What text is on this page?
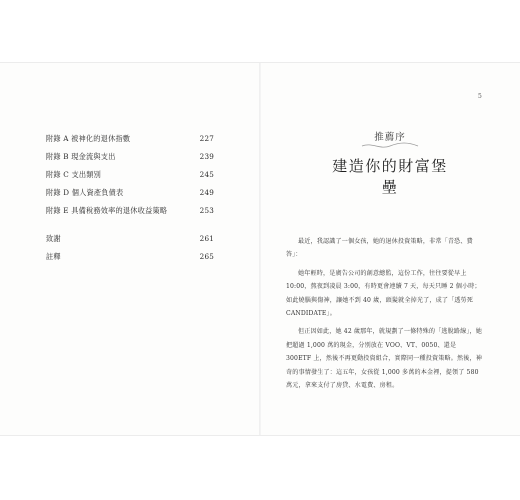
附錄 A 被神化的退休指數	227
附錄 B 現金流與支出	239
附錄 C 支出類別	245
附錄 D 個人資產負債表	249
附錄 E 具備稅務效率的退休收益策略	253
致謝	261
註釋	265
5
推薦序
建造你的財富堡壘

最近，我認識了一個女孩，她的退休投資策略，非常「青恐、費答」：

她年輕時，是廣告公司的創意總監，這份工作，往往要從早上 10:00，熬夜到凌晨 3:00，有時更會連續 7 天，每天只睡 2 個小時；如此燒腦與傷神，讓她不到 40 歲，頭髮就全掉光了，成了「透勞死 CANDIDATE」。

但正因如此，她 42 歲那年，就規劃了一條特殊的「逃脫路線」，她把超過 1,000 萬的現金，分別放在 VOO、VT、0050、還是 300ETF 上，然後不再更動投資組合，實際同一種投資策略。然後，神奇的事情發生了：這五年，女孩從 1,000 多萬的本金裡，提領了 580 萬元，拿來支付了房貸、水電費、房租。
